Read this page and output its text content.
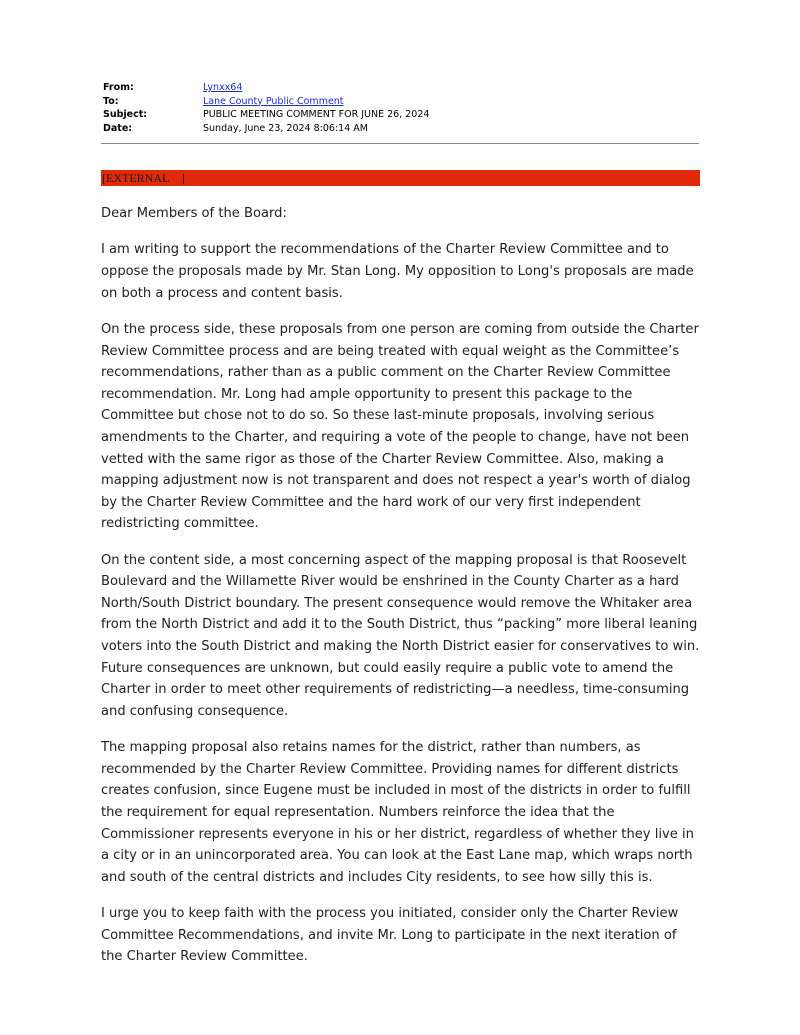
From:	Lynxx64
To:	Lane County Public Comment
Subject:	PUBLIC MEETING COMMENT FOR JUNE 26, 2024
Date:	Sunday, June 23, 2024 8:06:14 AM
[EXTERNAL    ]

Dear Members of the Board:

I am writing to support the recommendations of the Charter Review Committee and to oppose the proposals made by Mr. Stan Long. My opposition to Long's proposals are made on both a process and content basis.

On the process side, these proposals from one person are coming from outside the Charter Review Committee process and are being treated with equal weight as the Committee’s recommendations, rather than as a public comment on the Charter Review Committee recommendation. Mr. Long had ample opportunity to present this package to the Committee but chose not to do so. So these last-minute proposals, involving serious amendments to the Charter, and requiring a vote of the people to change, have not been vetted with the same rigor as those of the Charter Review Committee. Also, making a mapping adjustment now is not transparent and does not respect a year's worth of dialog by the Charter Review Committee and the hard work of our very first independent redistricting committee.

On the content side, a most concerning aspect of the mapping proposal is that Roosevelt Boulevard and the Willamette River would be enshrined in the County Charter as a hard North/South District boundary. The present consequence would remove the Whitaker area from the North District and add it to the South District, thus “packing” more liberal leaning voters into the South District and making the North District easier for conservatives to win. Future consequences are unknown, but could easily require a public vote to amend the Charter in order to meet other requirements of redistricting—a needless, time-consuming and confusing consequence.

The mapping proposal also retains names for the district, rather than numbers, as recommended by the Charter Review Committee. Providing names for different districts creates confusion, since Eugene must be included in most of the districts in order to fulfill the requirement for equal representation. Numbers reinforce the idea that the Commissioner represents everyone in his or her district, regardless of whether they live in a city or in an unincorporated area. You can look at the East Lane map, which wraps north and south of the central districts and includes City residents, to see how silly this is.

I urge you to keep faith with the process you initiated, consider only the Charter Review Committee Recommendations, and invite Mr. Long to participate in the next iteration of the Charter Review Committee.
